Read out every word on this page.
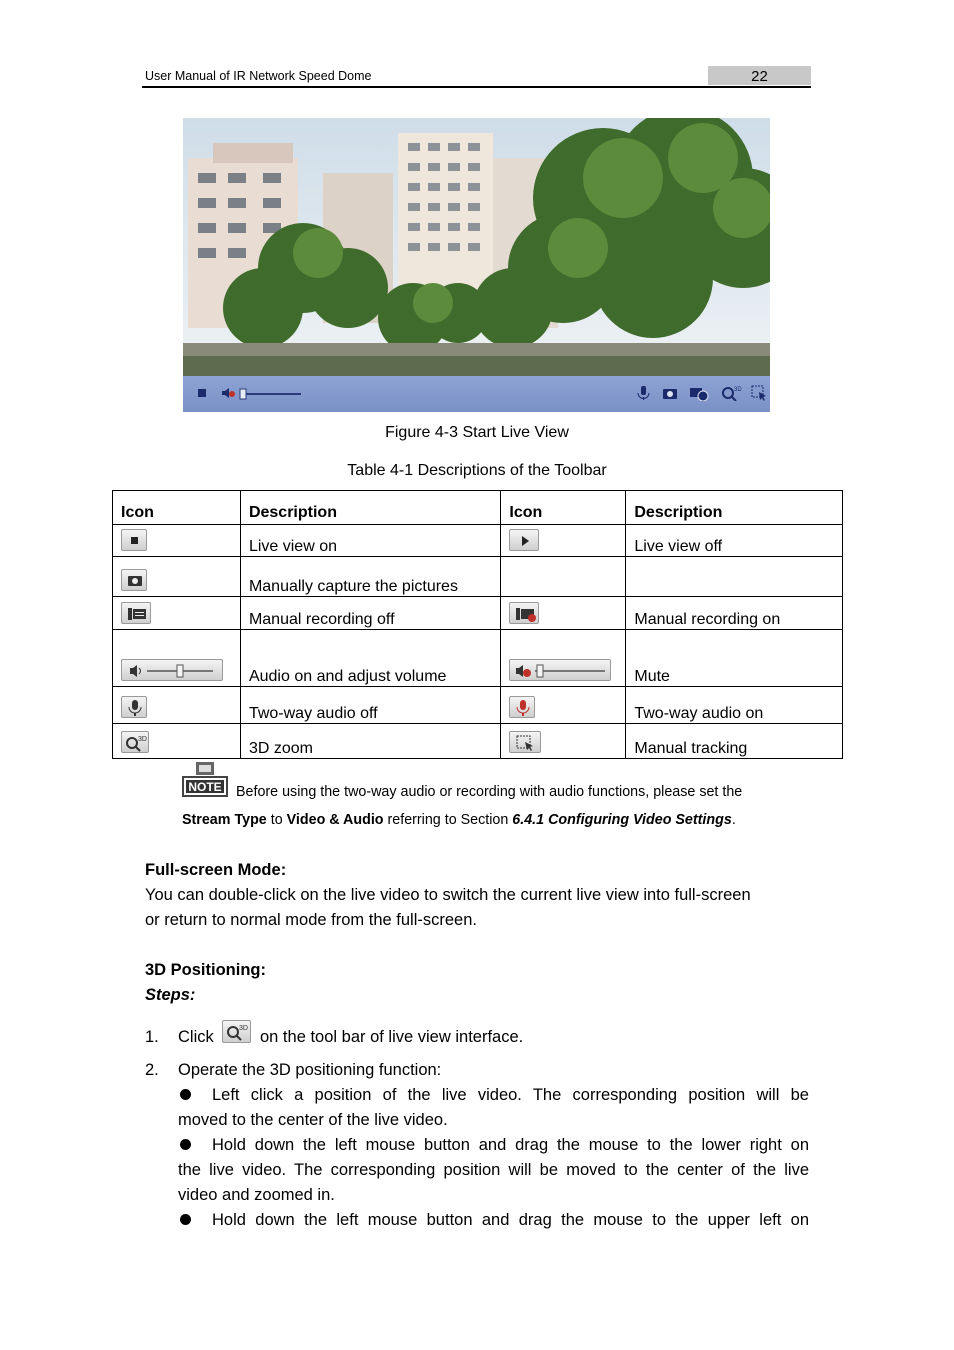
User Manual of IR Network Speed Dome	22
3D
Figure 4-3 Start Live View
Table 4-1 Descriptions of the Toolbar
Icon	Description	Icon	Description

	Live view on		Live view off

	Manually capture the pictures		

	Manual recording off		Manual recording on

	Audio on and adjust volume		Mute

	Two-way audio off		Two-way audio on

3D	3D zoom		Manual tracking
NOTE Before using the two-way audio or recording with audio functions, please set the
Stream Type to Video & Audio referring to Section 6.4.1 Configuring Video Settings.
Full-screen Mode:
You can double-click on the live video to switch the current live view into full-screen
or return to normal mode from the full-screen.
3D Positioning:
Steps:
1. Click	3D on the tool bar of live view interface.
2. Operate the 3D positioning function:
Left click a position of the live video. The corresponding position will be
moved to the center of the live video.
Hold down the left mouse button and drag the mouse to the lower right on
the live video. The corresponding position will be moved to the center of the live
video and zoomed in.
Hold down the left mouse button and drag the mouse to the upper left on
